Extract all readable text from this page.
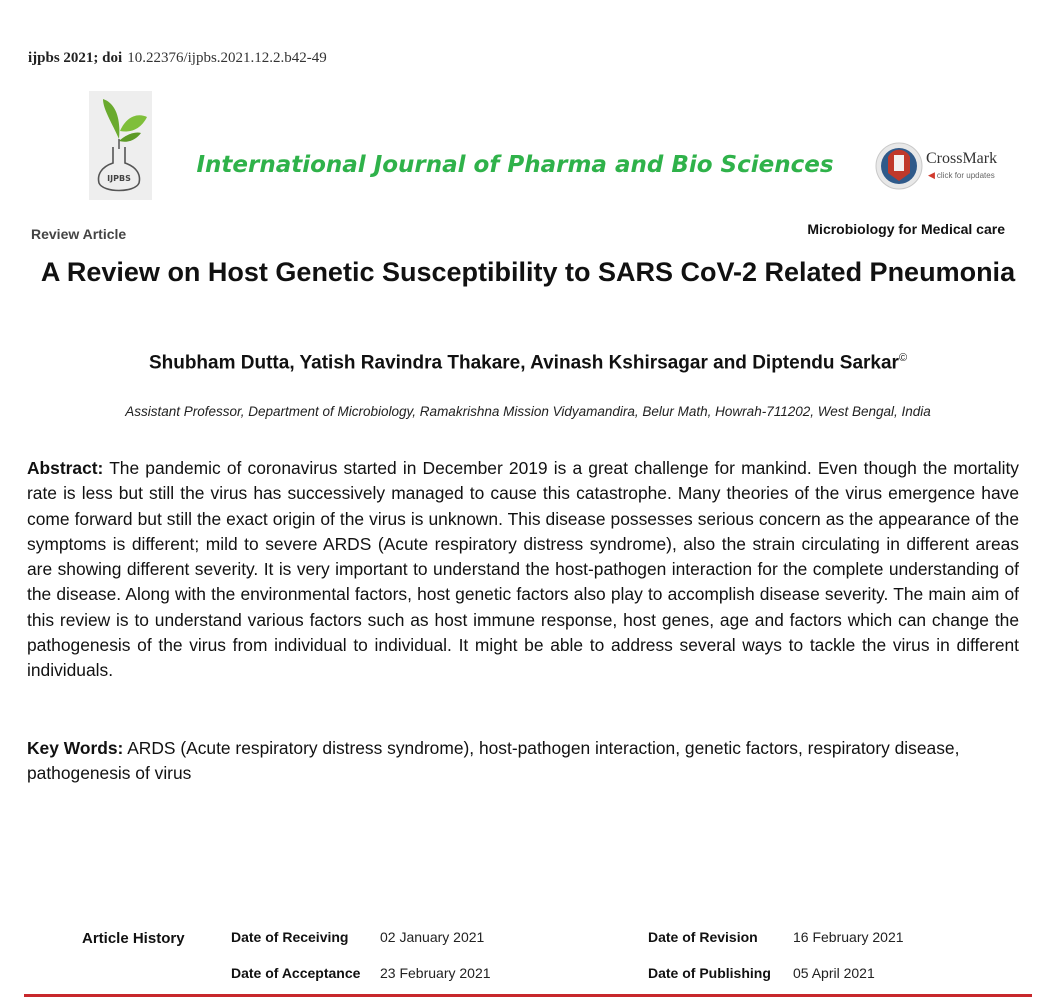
ijpbs 2021; doi 10.22376/ijpbs.2021.12.2.b42-49
IJPBS
International Journal of Pharma and Bio Sciences	CrossMark
◀ click for updates
Review Article	Microbiology for Medical care
A Review on Host Genetic Susceptibility to SARS CoV-2 Related Pneumonia
Shubham Dutta, Yatish Ravindra Thakare, Avinash Kshirsagar and Diptendu Sarkar©
Assistant Professor, Department of Microbiology, Ramakrishna Mission Vidyamandira, Belur Math, Howrah-711202, West Bengal, India
Abstract: The pandemic of coronavirus started in December 2019 is a great challenge for mankind. Even though the mortality rate is less but still the virus has successively managed to cause this catastrophe. Many theories of the virus emergence have come forward but still the exact origin of the virus is unknown. This disease possesses serious concern as the appearance of the symptoms is different; mild to severe ARDS (Acute respiratory distress syndrome), also the strain circulating in different areas are showing different severity. It is very important to understand the host-pathogen interaction for the complete understanding of the disease. Along with the environmental factors, host genetic factors also play to accomplish disease severity. The main aim of this review is to understand various factors such as host immune response, host genes, age and factors which can change the pathogenesis of the virus from individual to individual. It might be able to address several ways to tackle the virus in different individuals.
Key Words: ARDS (Acute respiratory distress syndrome), host-pathogen interaction, genetic factors, respiratory disease, pathogenesis of virus
Article History	Date of Receiving 02 January 2021	Date of Revision	16 February 2021
Date of Acceptance 23 February 2021	Date of Publishing 05 April 2021
